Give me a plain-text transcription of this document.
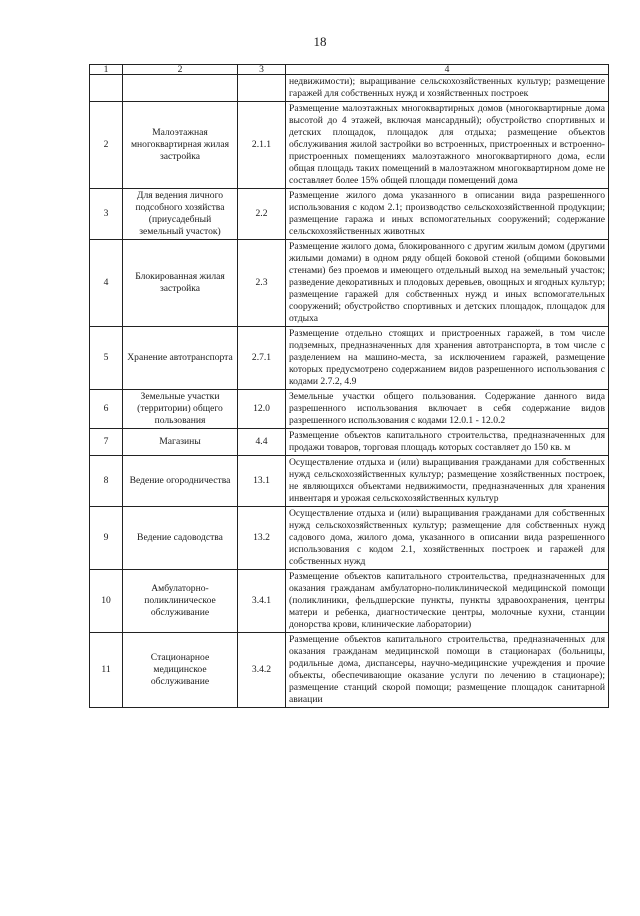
18
1	2	3	4
			недвижимости); выращивание сельскохозяйственных культур; размещение гаражей для собственных нужд и хозяйственных построек
2	Малоэтажная многоквартирная жилая застройка	2.1.1	Размещение малоэтажных многоквартирных домов (многоквартирные дома высотой до 4 этажей, включая мансардный); обустройство спортивных и детских площадок, площадок для отдыха; размещение объектов обслуживания жилой застройки во встроенных, пристроенных и встроенно-пристроенных помещениях малоэтажного многоквартирного дома, если общая площадь таких помещений в малоэтажном многоквартирном доме не составляет более 15% общей площади помещений дома
3	Для ведения личного подсобного хозяйства (приусадебный земельный участок)	2.2	Размещение жилого дома указанного в описании вида разрешенного использования с кодом 2.1; производство сельскохозяйственной продукции; размещение гаража и иных вспомогательных сооружений; содержание сельскохозяйственных животных
4	Блокированная жилая застройка	2.3	Размещение жилого дома, блокированного с другим жилым домом (другими жилыми домами) в одном ряду общей боковой стеной (общими боковыми стенами) без проемов и имеющего отдельный выход на земельный участок; разведение декоративных и плодовых деревьев, овощных и ягодных культур; размещение гаражей для собственных нужд и иных вспомогательных сооружений; обустройство спортивных и детских площадок, площадок для отдыха
5	Хранение автотранспорта	2.7.1	Размещение отдельно стоящих и пристроенных гаражей, в том числе подземных, предназначенных для хранения автотранспорта, в том числе с разделением на машино-места, за исключением гаражей, размещение которых предусмотрено содержанием видов разрешенного использования с кодами 2.7.2, 4.9
6	Земельные участки (территории) общего пользования	12.0	Земельные участки общего пользования. Содержание данного вида разрешенного использования включает в себя содержание видов разрешенного использования с кодами 12.0.1 - 12.0.2
7	Магазины	4.4	Размещение объектов капитального строительства, предназначенных для продажи товаров, торговая площадь которых составляет до 150 кв. м
8	Ведение огородничества	13.1	Осуществление отдыха и (или) выращивания гражданами для собственных нужд сельскохозяйственных культур; размещение хозяйственных построек, не являющихся объектами недвижимости, предназначенных для хранения инвентаря и урожая сельскохозяйственных культур
9	Ведение садоводства	13.2	Осуществление отдыха и (или) выращивания гражданами для собственных нужд сельскохозяйственных культур; размещение для собственных нужд садового дома, жилого дома, указанного в описании вида разрешенного использования с кодом 2.1, хозяйственных построек и гаражей для собственных нужд
10	Амбулаторно-поликлиническое обслуживание	3.4.1	Размещение объектов капитального строительства, предназначенных для оказания гражданам амбулаторно-поликлинической медицинской помощи (поликлиники, фельдшерские пункты, пункты здравоохранения, центры матери и ребенка, диагностические центры, молочные кухни, станции донорства крови, клинические лаборатории)
11	Стационарное медицинское обслуживание	3.4.2	Размещение объектов капитального строительства, предназначенных для оказания гражданам медицинской помощи в стационарах (больницы, родильные дома, диспансеры, научно-медицинские учреждения и прочие объекты, обеспечивающие оказание услуги по лечению в стационаре); размещение станций скорой помощи; размещение площадок санитарной авиации
